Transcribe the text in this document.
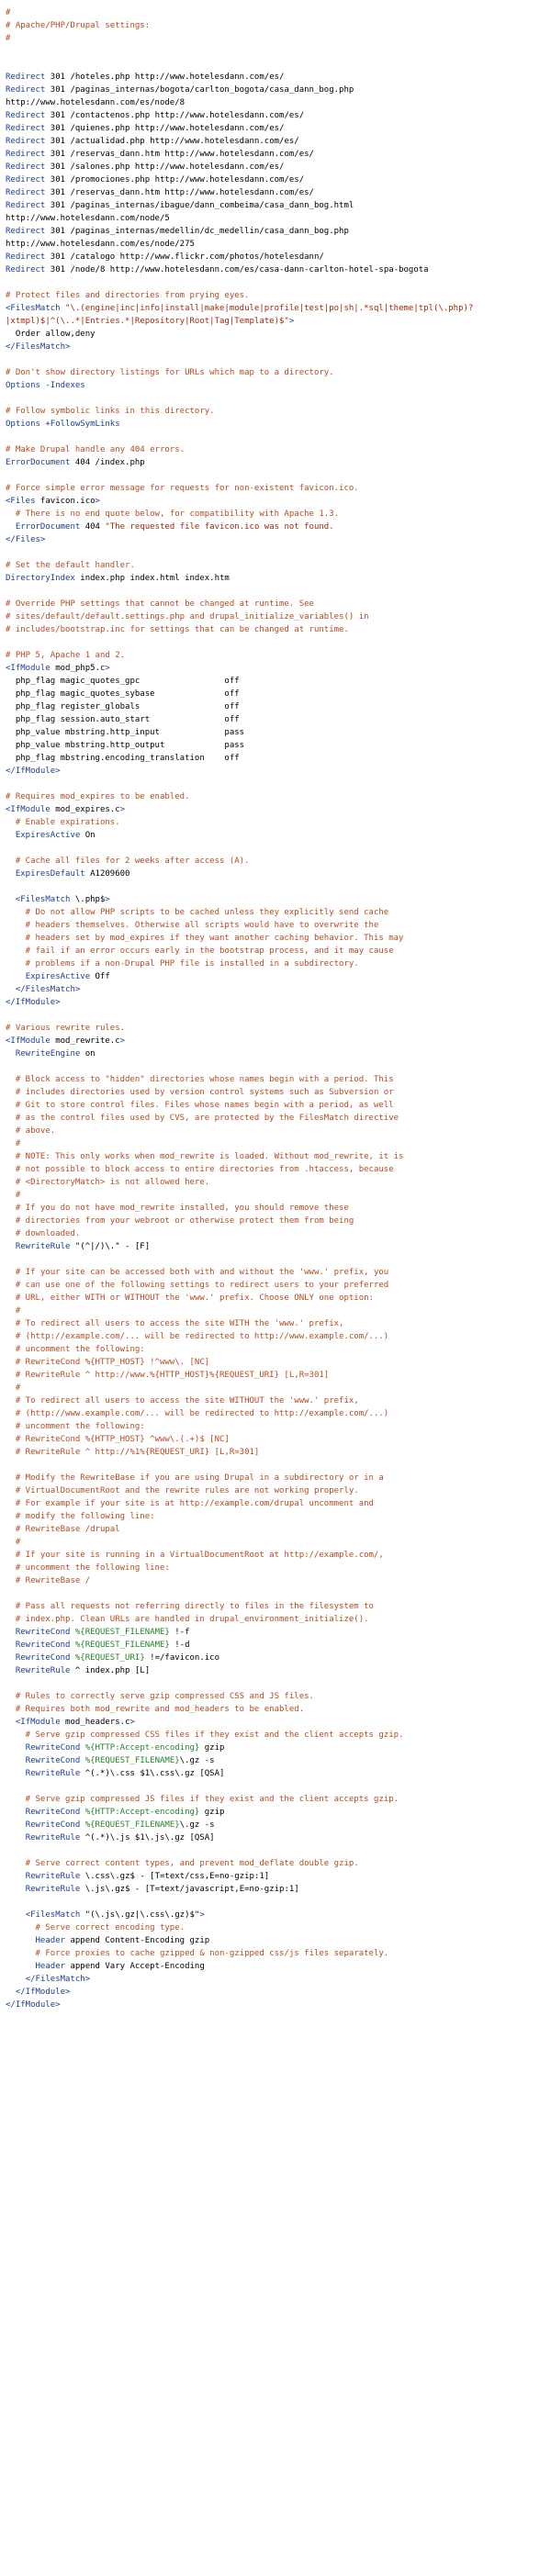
#
# Apache/PHP/Drupal settings:
#

Redirect 301 /hoteles.php http://www.hotelesdann.com/es/
Redirect 301 /paginas_internas/bogota/carlton_bogota/casa_dann_bog.php
http://www.hotelesdann.com/es/node/8
Redirect 301 /contactenos.php http://www.hotelesdann.com/es/
Redirect 301 /quienes.php http://www.hotelesdann.com/es/
Redirect 301 /actualidad.php http://www.hotelesdann.com/es/
Redirect 301 /reservas_dann.htm http://www.hotelesdann.com/es/
Redirect 301 /salones.php http://www.hotelesdann.com/es/
Redirect 301 /promociones.php http://www.hotelesdann.com/es/
Redirect 301 /reservas_dann.htm http://www.hotelesdann.com/es/
Redirect 301 /paginas_internas/ibague/dann_combeima/casa_dann_bog.html
http://www.hotelesdann.com/node/5
Redirect 301 /paginas_internas/medellin/dc_medellin/casa_dann_bog.php
http://www.hotelesdann.com/es/node/275
Redirect 301 /catalogo http://www.flickr.com/photos/hotelesdann/
Redirect 301 /node/8 http://www.hotelesdann.com/es/casa-dann-carlton-hotel-spa-bogota

# Protect files and directories from prying eyes.
<FilesMatch "\.(engine|inc|info|install|make|module|profile|test|po|sh|.*sql|theme|tpl(\.php)?
|xtmpl)$|^(\..*|Entries.*|Repository|Root|Tag|Template)$">
Order allow,deny
</FilesMatch>

# Don't show directory listings for URLs which map to a directory.
Options -Indexes

# Follow symbolic links in this directory.
Options +FollowSymLinks

# Make Drupal handle any 404 errors.
ErrorDocument 404 /index.php

# Force simple error message for requests for non-existent favicon.ico.
<Files favicon.ico>
# There is no end quote below, for compatibility with Apache 1.3.
ErrorDocument 404 "The requested file favicon.ico was not found.
</Files>

# Set the default handler.
DirectoryIndex index.php index.html index.htm

# Override PHP settings that cannot be changed at runtime. See
# sites/default/default.settings.php and drupal_initialize_variables() in
# includes/bootstrap.inc for settings that can be changed at runtime.

# PHP 5, Apache 1 and 2.
<IfModule mod_php5.c>
php_flag magic_quotes_gpc                 off
php_flag magic_quotes_sybase              off
php_flag register_globals                 off
php_flag session.auto_start               off
php_value mbstring.http_input             pass
php_value mbstring.http_output            pass
php_flag mbstring.encoding_translation    off
</IfModule>

# Requires mod_expires to be enabled.
<IfModule mod_expires.c>
# Enable expirations.
ExpiresActive On

# Cache all files for 2 weeks after access (A).
ExpiresDefault A1209600

<FilesMatch \.php$>
# Do not allow PHP scripts to be cached unless they explicitly send cache
# headers themselves. Otherwise all scripts would have to overwrite the
# headers set by mod_expires if they want another caching behavior. This may
# fail if an error occurs early in the bootstrap process, and it may cause
# problems if a non-Drupal PHP file is installed in a subdirectory.
ExpiresActive Off
</FilesMatch>
</IfModule>

# Various rewrite rules.
<IfModule mod_rewrite.c>
RewriteEngine on

# Block access to "hidden" directories whose names begin with a period. This
# includes directories used by version control systems such as Subversion or
# Git to store control files. Files whose names begin with a period, as well
# as the control files used by CVS, are protected by the FilesMatch directive
# above.
#
# NOTE: This only works when mod_rewrite is loaded. Without mod_rewrite, it is
# not possible to block access to entire directories from .htaccess, because
# <DirectoryMatch> is not allowed here.
#
# If you do not have mod_rewrite installed, you should remove these
# directories from your webroot or otherwise protect them from being
# downloaded.
RewriteRule "(^|/)\." - [F]

# If your site can be accessed both with and without the 'www.' prefix, you
# can use one of the following settings to redirect users to your preferred
# URL, either WITH or WITHOUT the 'www.' prefix. Choose ONLY one option:
#
# To redirect all users to access the site WITH the 'www.' prefix,
# (http://example.com/... will be redirected to http://www.example.com/...)
# uncomment the following:
# RewriteCond %{HTTP_HOST} !^www\. [NC]
# RewriteRule ^ http://www.%{HTTP_HOST}%{REQUEST_URI} [L,R=301]
#
# To redirect all users to access the site WITHOUT the 'www.' prefix,
# (http://www.example.com/... will be redirected to http://example.com/...)
# uncomment the following:
# RewriteCond %{HTTP_HOST} ^www\.(.+)$ [NC]
# RewriteRule ^ http://%1%{REQUEST_URI} [L,R=301]

# Modify the RewriteBase if you are using Drupal in a subdirectory or in a
# VirtualDocumentRoot and the rewrite rules are not working properly.
# For example if your site is at http://example.com/drupal uncomment and
# modify the following line:
# RewriteBase /drupal
#
# If your site is running in a VirtualDocumentRoot at http://example.com/,
# uncomment the following line:
# RewriteBase /

# Pass all requests not referring directly to files in the filesystem to
# index.php. Clean URLs are handled in drupal_environment_initialize().
RewriteCond %{REQUEST_FILENAME} !-f
RewriteCond %{REQUEST_FILENAME} !-d
RewriteCond %{REQUEST_URI} !=/favicon.ico
RewriteRule ^ index.php [L]

# Rules to correctly serve gzip compressed CSS and JS files.
# Requires both mod_rewrite and mod_headers to be enabled.
<IfModule mod_headers.c>
# Serve gzip compressed CSS files if they exist and the client accepts gzip.
RewriteCond %{HTTP:Accept-encoding} gzip
RewriteCond %{REQUEST_FILENAME}\.gz -s
RewriteRule ^(.*)\.css $1\.css\.gz [QSA]

# Serve gzip compressed JS files if they exist and the client accepts gzip.
RewriteCond %{HTTP:Accept-encoding} gzip
RewriteCond %{REQUEST_FILENAME}\.gz -s
RewriteRule ^(.*)\.js $1\.js\.gz [QSA]

# Serve correct content types, and prevent mod_deflate double gzip.
RewriteRule \.css\.gz$ - [T=text/css,E=no-gzip:1]
RewriteRule \.js\.gz$ - [T=text/javascript,E=no-gzip:1]

<FilesMatch "(\.js\.gz|\.css\.gz)$">
# Serve correct encoding type.
Header append Content-Encoding gzip
# Force proxies to cache gzipped & non-gzipped css/js files separately.
Header append Vary Accept-Encoding
</FilesMatch>
</IfModule>
</IfModule>
